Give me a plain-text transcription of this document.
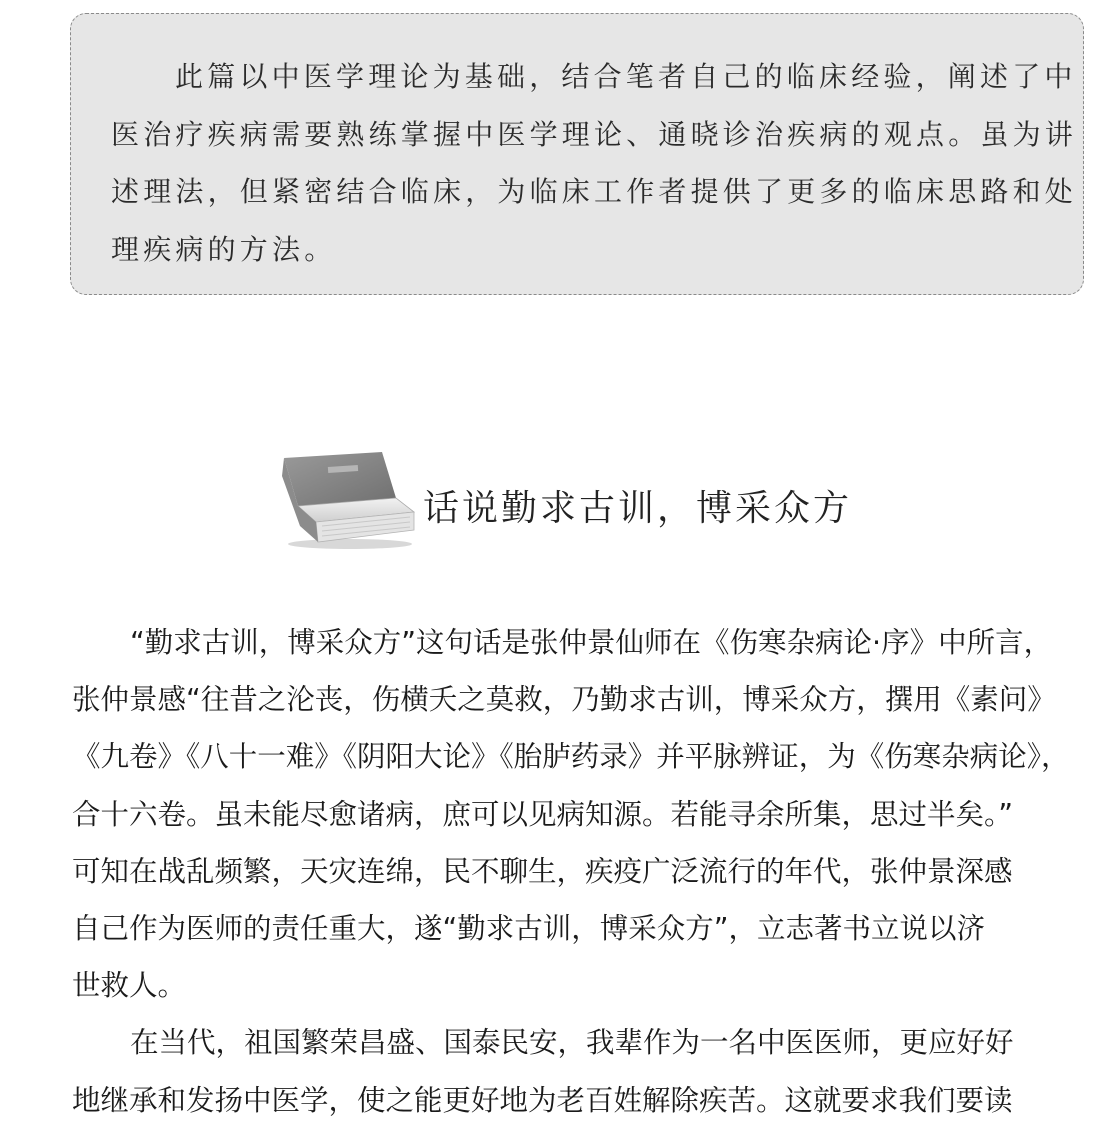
此篇以中医学理论为基础，结合笔者自己的临床经验，阐述了中
医治疗疾病需要熟练掌握中医学理论、通晓诊治疾病的观点。虽为讲
述理法，但紧密结合临床，为临床工作者提供了更多的临床思路和处
理疾病的方法。
话说勤求古训，博采众方
“勤求古训，博采众方”这句话是张仲景仙师在《伤寒杂病论·序》中所言，
张仲景感“往昔之沦丧，伤横夭之莫救，乃勤求古训，博采众方，撰用《素问》
《九卷》《八十一难》《阴阳大论》《胎胪药录》并平脉辨证，为《伤寒杂病论》，
合十六卷。虽未能尽愈诸病，庶可以见病知源。若能寻余所集，思过半矣。”
可知在战乱频繁，天灾连绵，民不聊生，疾疫广泛流行的年代，张仲景深感
自己作为医师的责任重大，遂“勤求古训，博采众方”，立志著书立说以济
世救人。
在当代，祖国繁荣昌盛、国泰民安，我辈作为一名中医医师，更应好好
地继承和发扬中医学，使之能更好地为老百姓解除疾苦。这就要求我们要读
